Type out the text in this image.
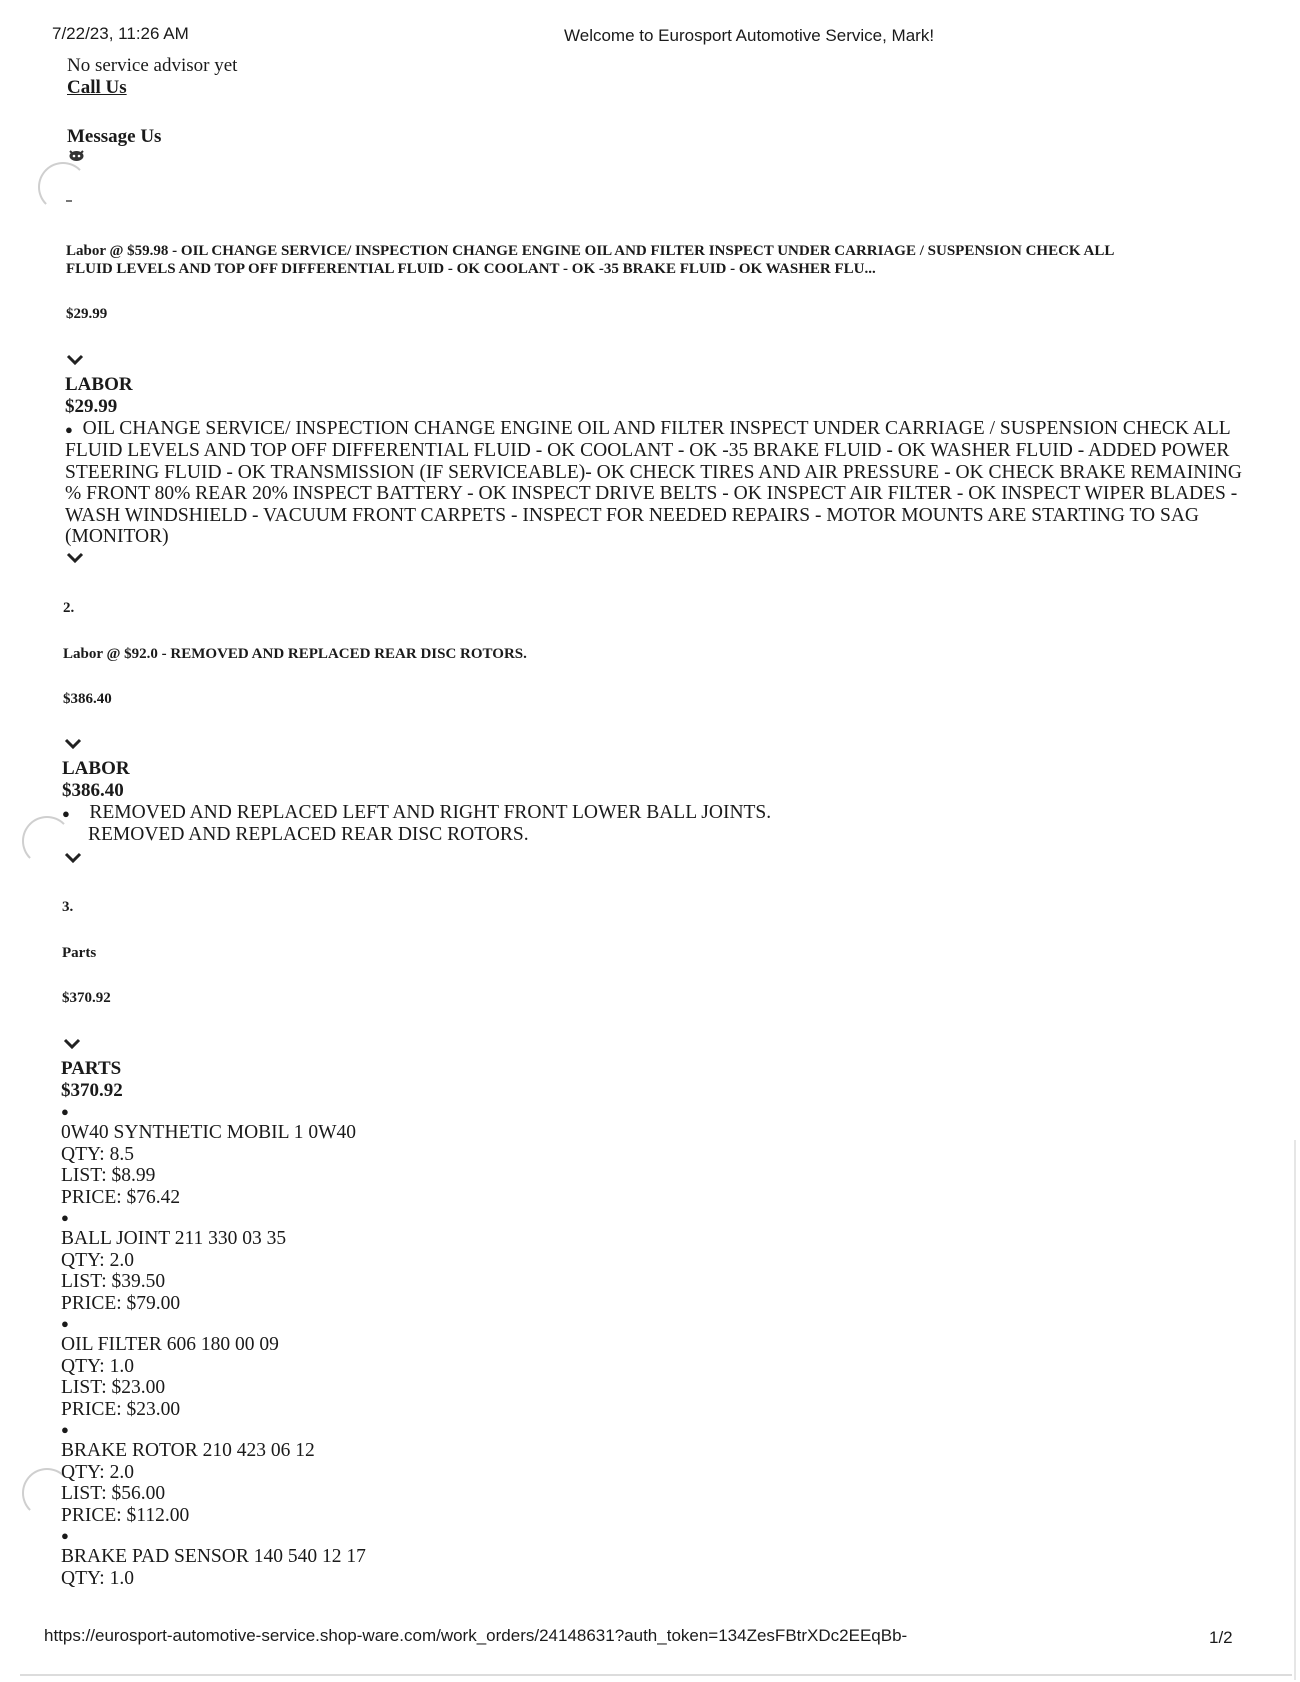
7/22/23, 11:26 AM	Welcome to Eurosport Automotive Service, Mark!
No service advisor yet
Call Us
Message Us
Labor @ $59.98 - OIL CHANGE SERVICE/ INSPECTION CHANGE ENGINE OIL AND FILTER INSPECT UNDER CARRIAGE / SUSPENSION CHECK ALL
FLUID LEVELS AND TOP OFF DIFFERENTIAL FLUID - OK COOLANT - OK -35 BRAKE FLUID - OK WASHER FLU...
$29.99
LABOR
$29.99
● OIL CHANGE SERVICE/ INSPECTION CHANGE ENGINE OIL AND FILTER INSPECT UNDER CARRIAGE / SUSPENSION CHECK ALL
FLUID LEVELS AND TOP OFF DIFFERENTIAL FLUID - OK COOLANT - OK -35 BRAKE FLUID - OK WASHER FLUID - ADDED POWER
STEERING FLUID - OK TRANSMISSION (IF SERVICEABLE)- OK CHECK TIRES AND AIR PRESSURE - OK CHECK BRAKE REMAINING
% FRONT 80% REAR 20% INSPECT BATTERY - OK INSPECT DRIVE BELTS - OK INSPECT AIR FILTER - OK INSPECT WIPER BLADES -
WASH WINDSHIELD - VACUUM FRONT CARPETS - INSPECT FOR NEEDED REPAIRS - MOTOR MOUNTS ARE STARTING TO SAG
(MONITOR)
2.
Labor @ $92.0 - REMOVED AND REPLACED REAR DISC ROTORS.
$386.40
LABOR
$386.40
● REMOVED AND REPLACED LEFT AND RIGHT FRONT LOWER BALL JOINTS.
REMOVED AND REPLACED REAR DISC ROTORS.
3.
Parts
$370.92
PARTS
$370.92
●
0W40 SYNTHETIC MOBIL 1 0W40
QTY: 8.5
LIST: $8.99
PRICE: $76.42
●
BALL JOINT 211 330 03 35
QTY: 2.0
LIST: $39.50
PRICE: $79.00
●
OIL FILTER 606 180 00 09
QTY: 1.0
LIST: $23.00
PRICE: $23.00
●
BRAKE ROTOR 210 423 06 12
QTY: 2.0
LIST: $56.00
PRICE: $112.00
●
BRAKE PAD SENSOR 140 540 12 17
QTY: 1.0
https://eurosport-automotive-service.shop-ware.com/work_orders/24148631?auth_token=134ZesFBtrXDc2EEqBb-	1/2
